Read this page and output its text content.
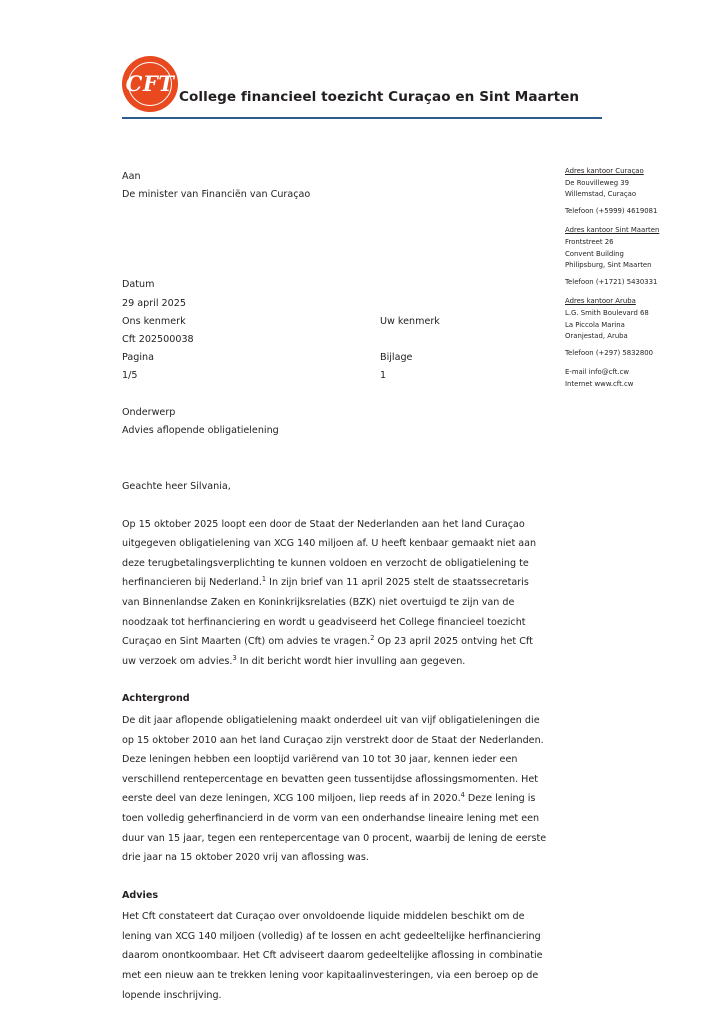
CFT
College financieel toezicht Curaçao en Sint Maarten
Adres kantoor Curaçao
De Rouvilleweg 39
Willemstad, Curaçao
Telefoon (+5999) 4619081
Adres kantoor Sint Maarten
Frontstreet 26
Convent Building
Philipsburg, Sint Maarten
Telefoon (+1721) 5430331
Adres kantoor Aruba
L.G. Smith Boulevard 68
La Piccola Marina
Oranjestad, Aruba
Telefoon (+297) 5832800
E-mail info@cft.cw
Internet www.cft.cw
Aan
De minister van Financiën van Curaçao
Datum
29 april 2025
Ons kenmerk	Uw kenmerk
Cft 202500038
Pagina	Bijlage
1/5	1
Onderwerp
Advies aflopende obligatielening

Geachte heer Silvania,

Op 15 oktober 2025 loopt een door de Staat der Nederlanden aan het land Curaçao uitgegeven obligatielening van XCG 140 miljoen af. U heeft kenbaar gemaakt niet aan deze terugbetalingsverplichting te kunnen voldoen en verzocht de obligatielening te herfinancieren bij Nederland.$^1$ In zijn brief van 11 april 2025 stelt de staatssecretaris van Binnenlandse Zaken en Koninkrijksrelaties (BZK) niet overtuigd te zijn van de noodzaak tot herfinanciering en wordt u geadviseerd het College financieel toezicht Curaçao en Sint Maarten (Cft) om advies te vragen.$^2$ Op 23 april 2025 ontving het Cft uw verzoek om advies.$^3$ In dit bericht wordt hier invulling aan gegeven.

Achtergrond

De dit jaar aflopende obligatielening maakt onderdeel uit van vijf obligatieleningen die op 15 oktober 2010 aan het land Curaçao zijn verstrekt door de Staat der Nederlanden. Deze leningen hebben een looptijd variërend van 10 tot 30 jaar, kennen ieder een verschillend rentepercentage en bevatten geen tussentijdse aflossingsmomenten. Het eerste deel van deze leningen, XCG 100 miljoen, liep reeds af in 2020.$^4$ Deze lening is toen volledig geherfinancierd in de vorm van een onderhandse lineaire lening met een duur van 15 jaar, tegen een rentepercentage van 0 procent, waarbij de lening de eerste drie jaar na 15 oktober 2020 vrij van aflossing was.

Advies

Het Cft constateert dat Curaçao over onvoldoende liquide middelen beschikt om de lening van XCG 140 miljoen (volledig) af te lossen en acht gedeeltelijke herfinanciering daarom onontkoombaar. Het Cft adviseert daarom gedeeltelijke aflossing in combinatie met een nieuw aan te trekken lening voor kapitaalinvesteringen, via een beroep op de lopende inschrijving.
